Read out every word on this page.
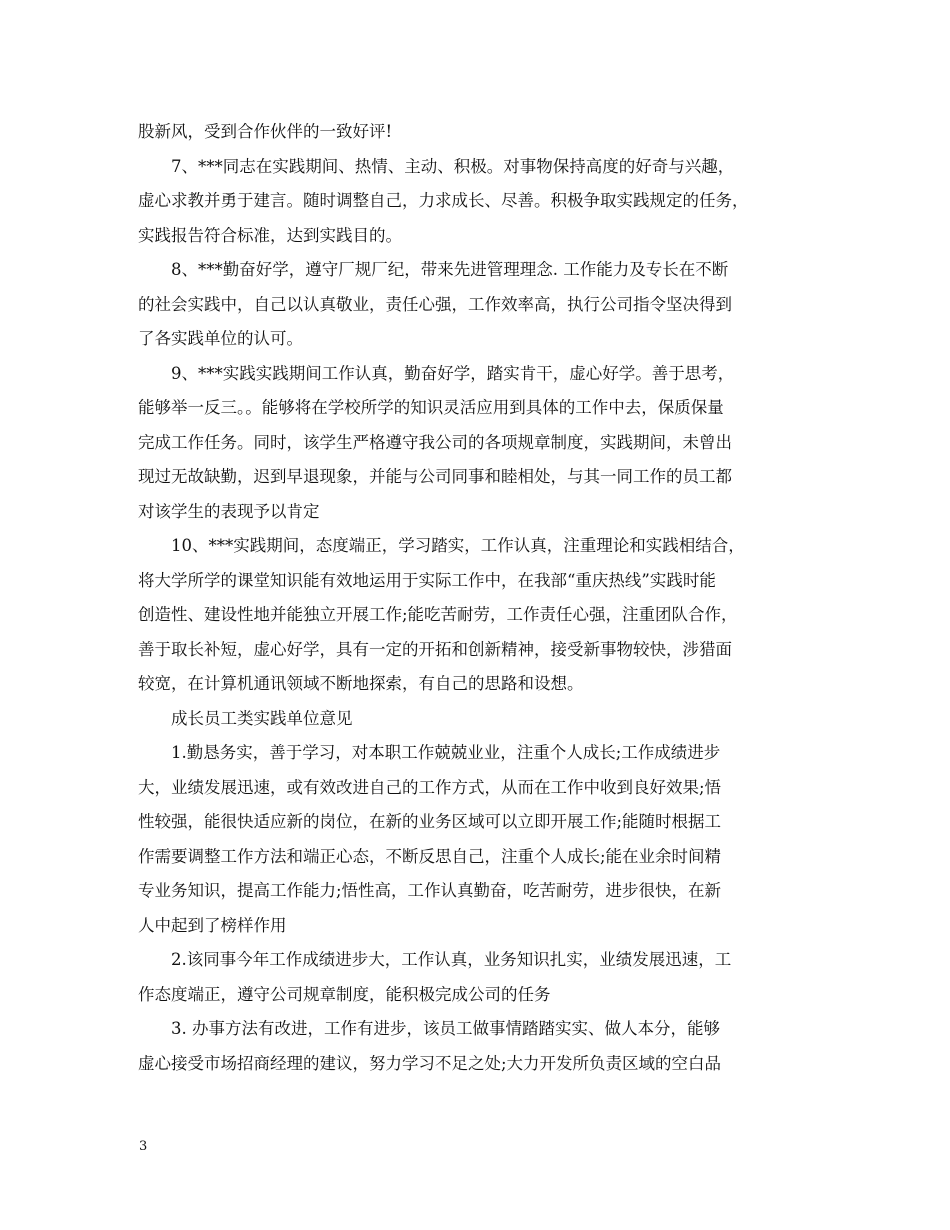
股新风，受到合作伙伴的一致好评!
7、***同志在实践期间、热情、主动、积极。对事物保持高度的好奇与兴趣，
虚心求教并勇于建言。随时调整自己，力求成长、尽善。积极争取实践规定的任务，
实践报告符合标准，达到实践目的。
8、***勤奋好学，遵守厂规厂纪，带来先进管理理念. 工作能力及专长在不断
的社会实践中，自己以认真敬业，责任心强，工作效率高，执行公司指令坚决得到
了各实践单位的认可。
9、***实践实践期间工作认真，勤奋好学，踏实肯干，虚心好学。善于思考，
能够举一反三。。能够将在学校所学的知识灵活应用到具体的工作中去，保质保量
完成工作任务。同时，该学生严格遵守我公司的各项规章制度，实践期间，未曾出
现过无故缺勤，迟到早退现象，并能与公司同事和睦相处，与其一同工作的员工都
对该学生的表现予以肯定
10、***实践期间，态度端正，学习踏实，工作认真，注重理论和实践相结合，
将大学所学的课堂知识能有效地运用于实际工作中，在我部“重庆热线”实践时能
创造性、建设性地并能独立开展工作;能吃苦耐劳，工作责任心强，注重团队合作，
善于取长补短，虚心好学，具有一定的开拓和创新精神，接受新事物较快，涉猎面
较宽，在计算机通讯领域不断地探索，有自己的思路和设想。
成长员工类实践单位意见
1.勤恳务实，善于学习，对本职工作兢兢业业，注重个人成长;工作成绩进步
大，业绩发展迅速，或有效改进自己的工作方式，从而在工作中收到良好效果;悟
性较强，能很快适应新的岗位，在新的业务区域可以立即开展工作;能随时根据工
作需要调整工作方法和端正心态，不断反思自己，注重个人成长;能在业余时间精
专业务知识，提高工作能力;悟性高，工作认真勤奋，吃苦耐劳，进步很快，在新
人中起到了榜样作用
2.该同事今年工作成绩进步大，工作认真，业务知识扎实，业绩发展迅速，工
作态度端正，遵守公司规章制度，能积极完成公司的任务
3. 办事方法有改进，工作有进步，该员工做事情踏踏实实、做人本分，能够
虚心接受市场招商经理的建议，努力学习不足之处;大力开发所负责区域的空白品
3
